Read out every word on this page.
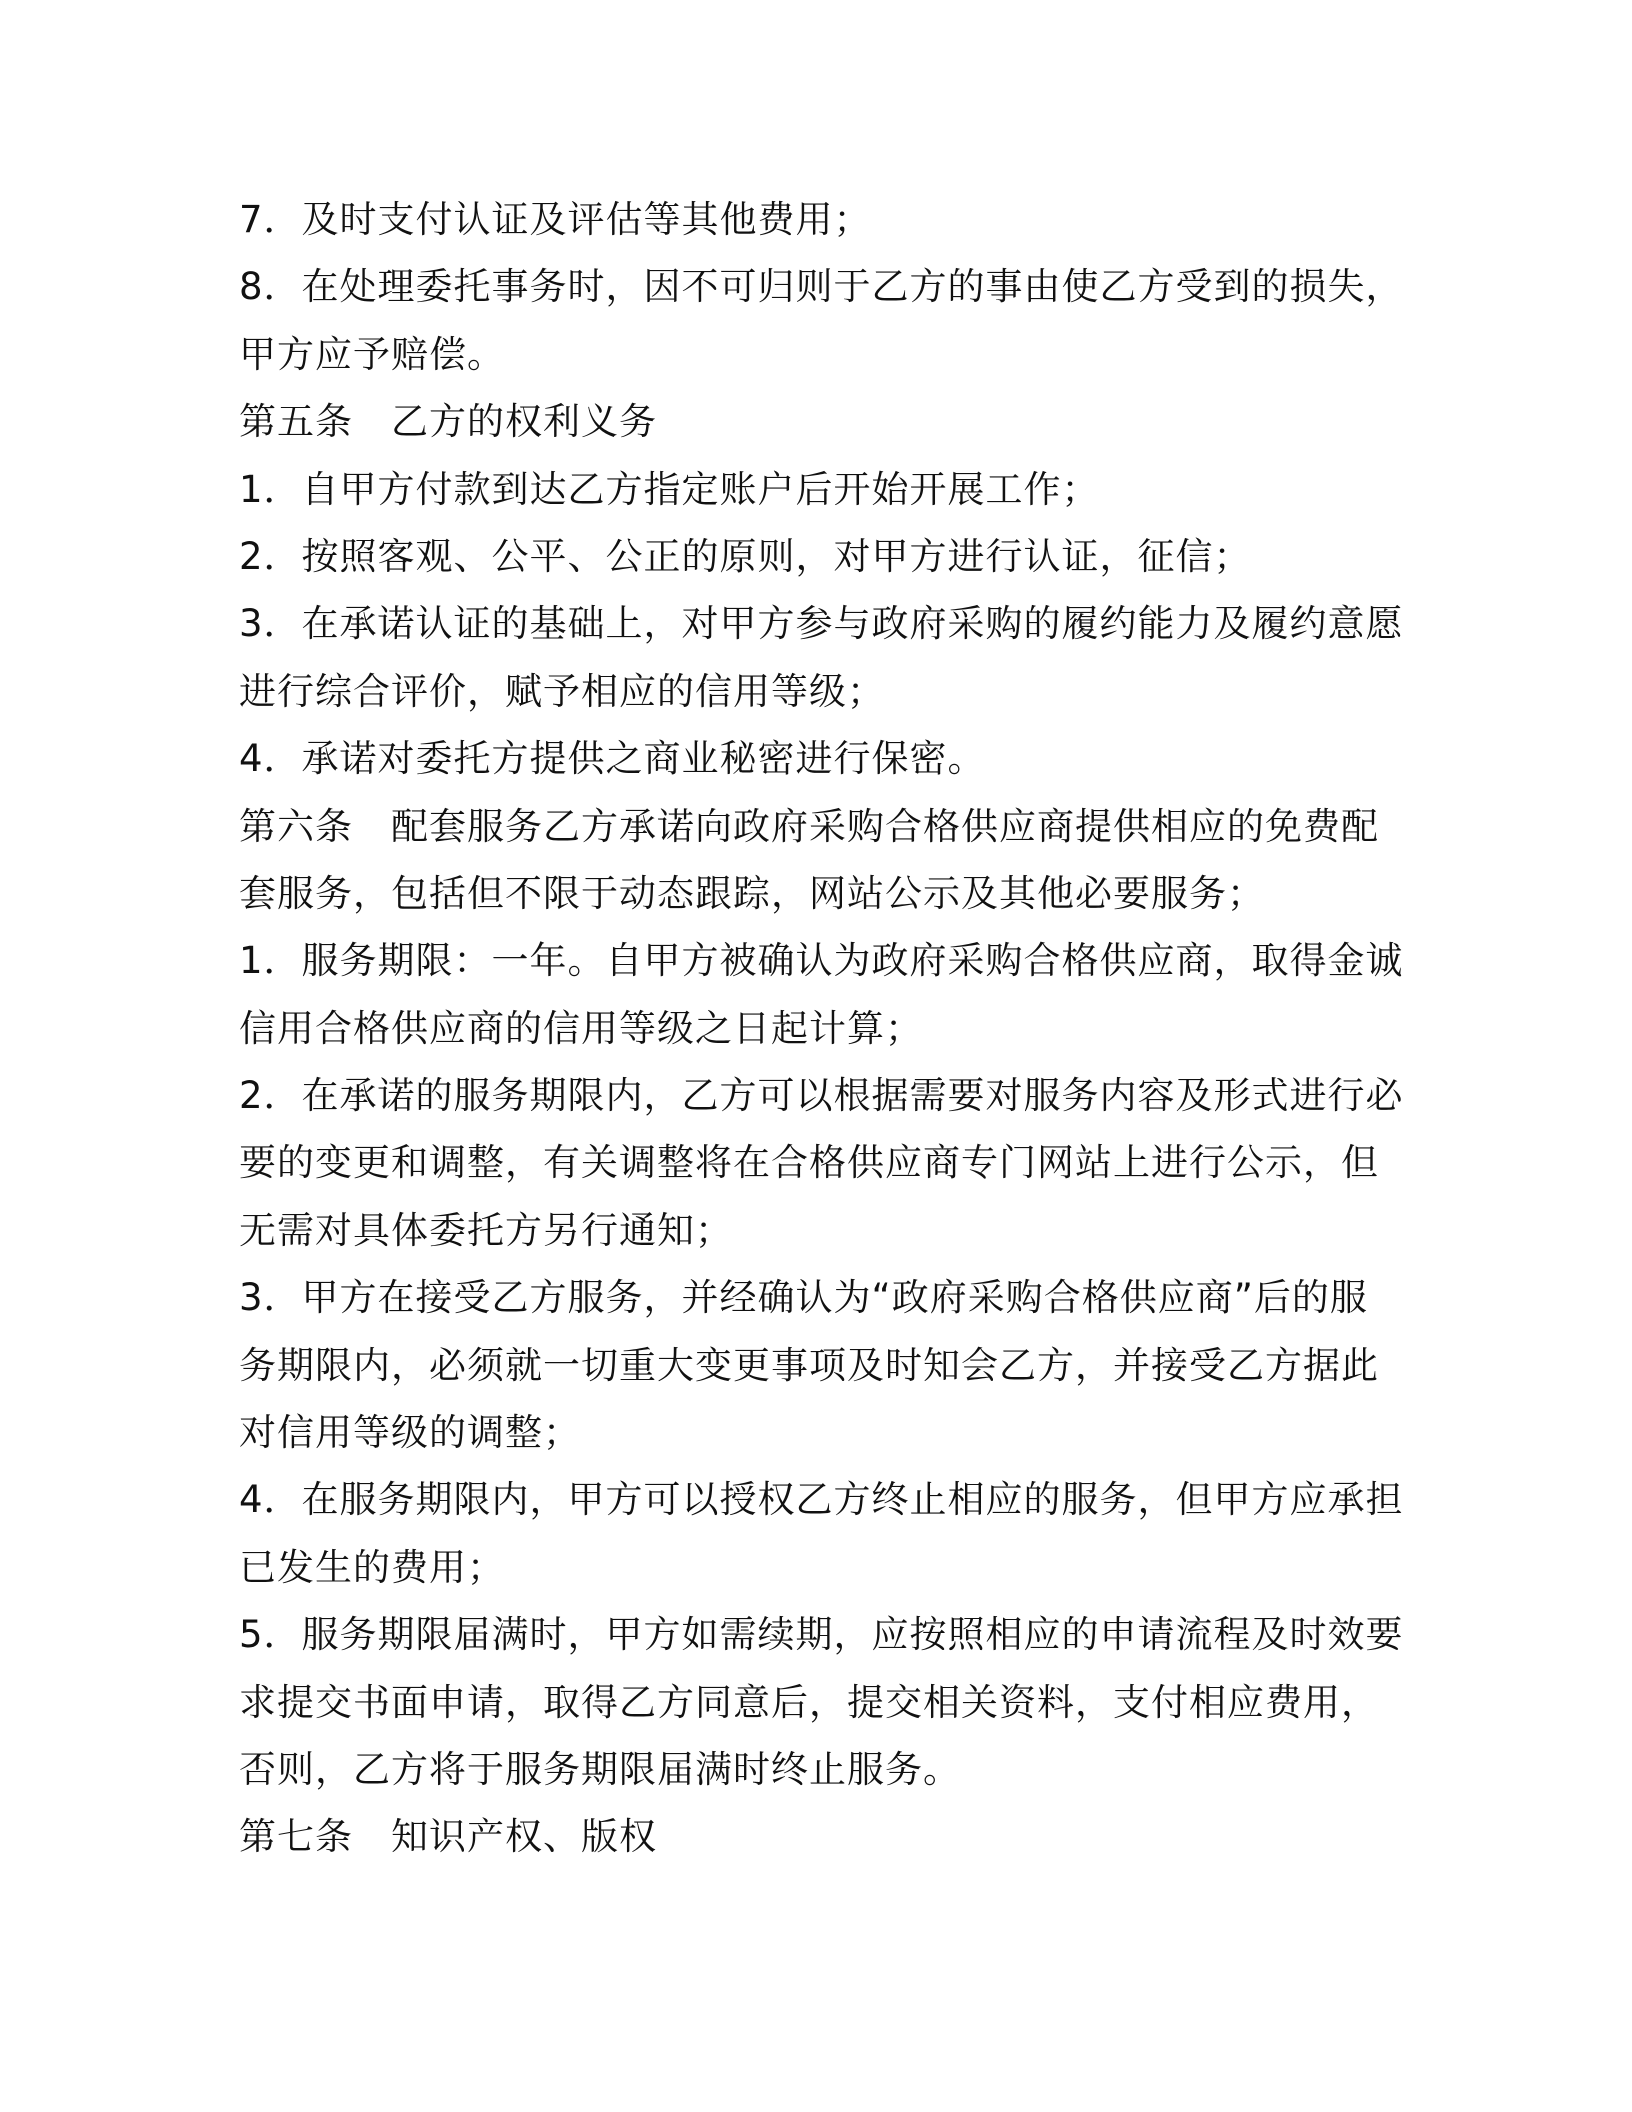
7．及时支付认证及评估等其他费用；
8．在处理委托事务时，因不可归则于乙方的事由使乙方受到的损失，
甲方应予赔偿。
第五条　乙方的权利义务
1．自甲方付款到达乙方指定账户后开始开展工作；
2．按照客观、公平、公正的原则，对甲方进行认证，征信；
3．在承诺认证的基础上，对甲方参与政府采购的履约能力及履约意愿
进行综合评价，赋予相应的信用等级；
4．承诺对委托方提供之商业秘密进行保密。
第六条　配套服务乙方承诺向政府采购合格供应商提供相应的免费配
套服务，包括但不限于动态跟踪，网站公示及其他必要服务；
1．服务期限：一年。自甲方被确认为政府采购合格供应商，取得金诚
信用合格供应商的信用等级之日起计算；
2．在承诺的服务期限内，乙方可以根据需要对服务内容及形式进行必
要的变更和调整，有关调整将在合格供应商专门网站上进行公示，但
无需对具体委托方另行通知；
3．甲方在接受乙方服务，并经确认为“政府采购合格供应商”后的服
务期限内，必须就一切重大变更事项及时知会乙方，并接受乙方据此
对信用等级的调整；
4．在服务期限内，甲方可以授权乙方终止相应的服务，但甲方应承担
已发生的费用；
5．服务期限届满时，甲方如需续期，应按照相应的申请流程及时效要
求提交书面申请，取得乙方同意后，提交相关资料，支付相应费用，
否则，乙方将于服务期限届满时终止服务。
第七条　知识产权、版权
